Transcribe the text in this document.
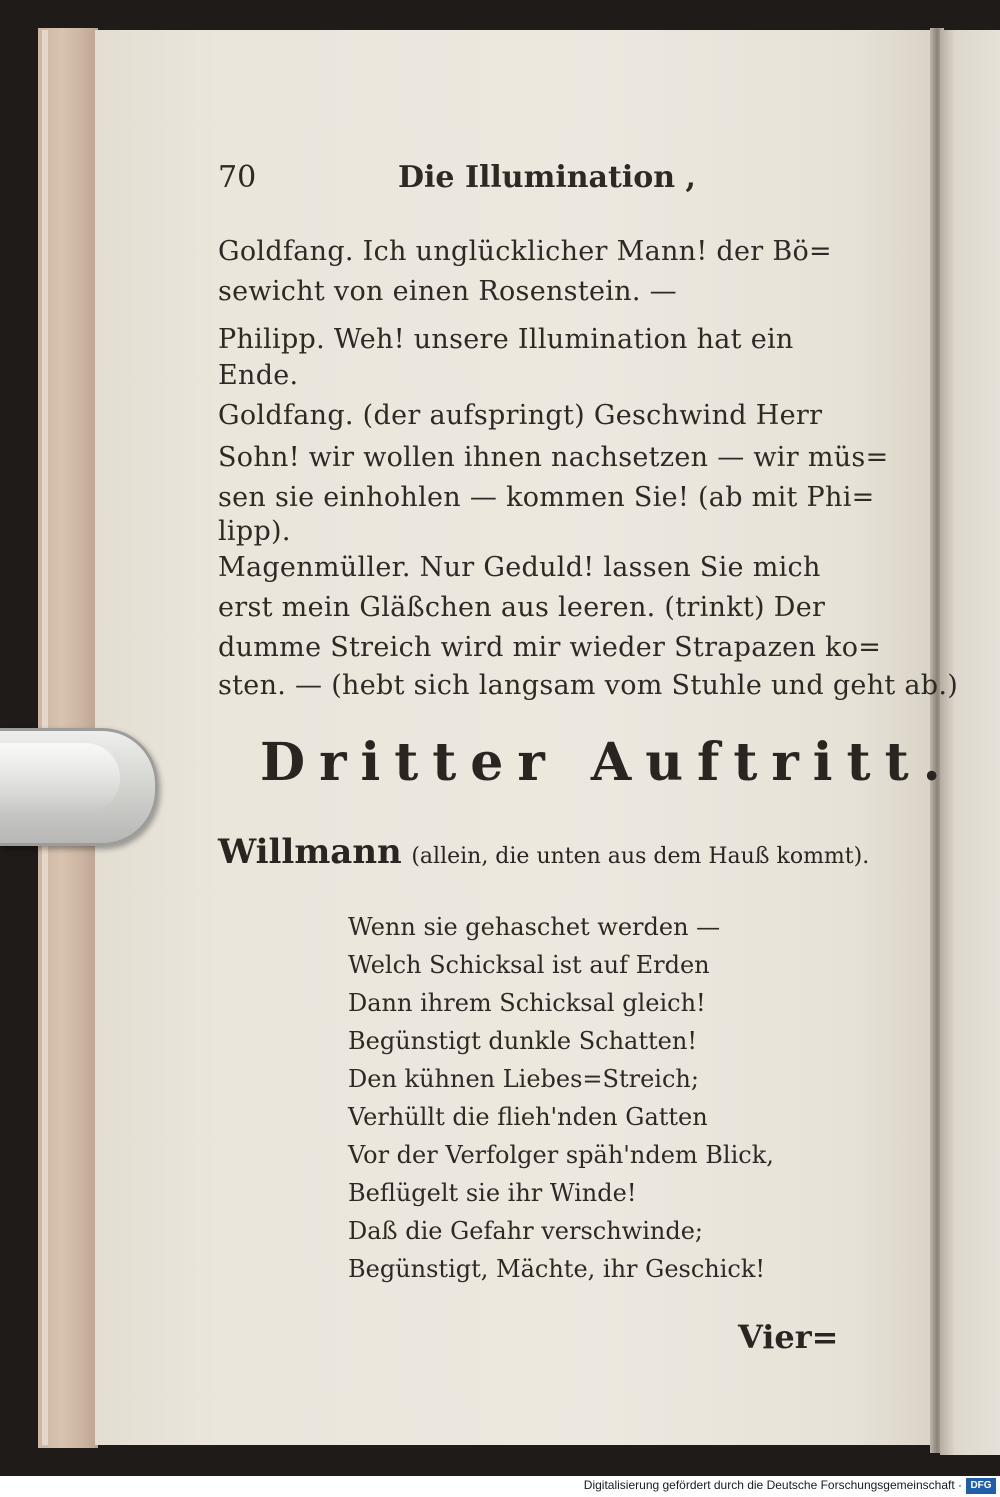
70	Die Illumination ,
Goldfang. Ich unglücklicher Mann! der Bö=
sewicht von einen Rosenstein. —
Philipp. Weh! unsere Illumination hat ein
Ende.
Goldfang. (der aufspringt) Geschwind Herr
Sohn! wir wollen ihnen nachsetzen — wir müs=
sen sie einhohlen — kommen Sie! (ab mit Phi=
lipp).
Magenmüller. Nur Geduld! lassen Sie mich
erst mein Gläßchen aus leeren. (trinkt) Der
dumme Streich wird mir wieder Strapazen ko=
sten. — (hebt sich langsam vom Stuhle und geht ab.)
Dritter Auftritt.
Willmann (allein, die unten aus dem Hauß kommt).
Wenn sie gehaschet werden —
Welch Schicksal ist auf Erden
Dann ihrem Schicksal gleich!
Begünstigt dunkle Schatten!
Den kühnen Liebes=Streich;
Verhüllt die flieh'nden Gatten
Vor der Verfolger späh'ndem Blick,
Beflügelt sie ihr Winde!
Daß die Gefahr verschwinde;
Begünstigt, Mächte, ihr Geschick!
Vier=
Digitalisierung gefördert durch die Deutsche Forschungsgemeinschaft · DFG
